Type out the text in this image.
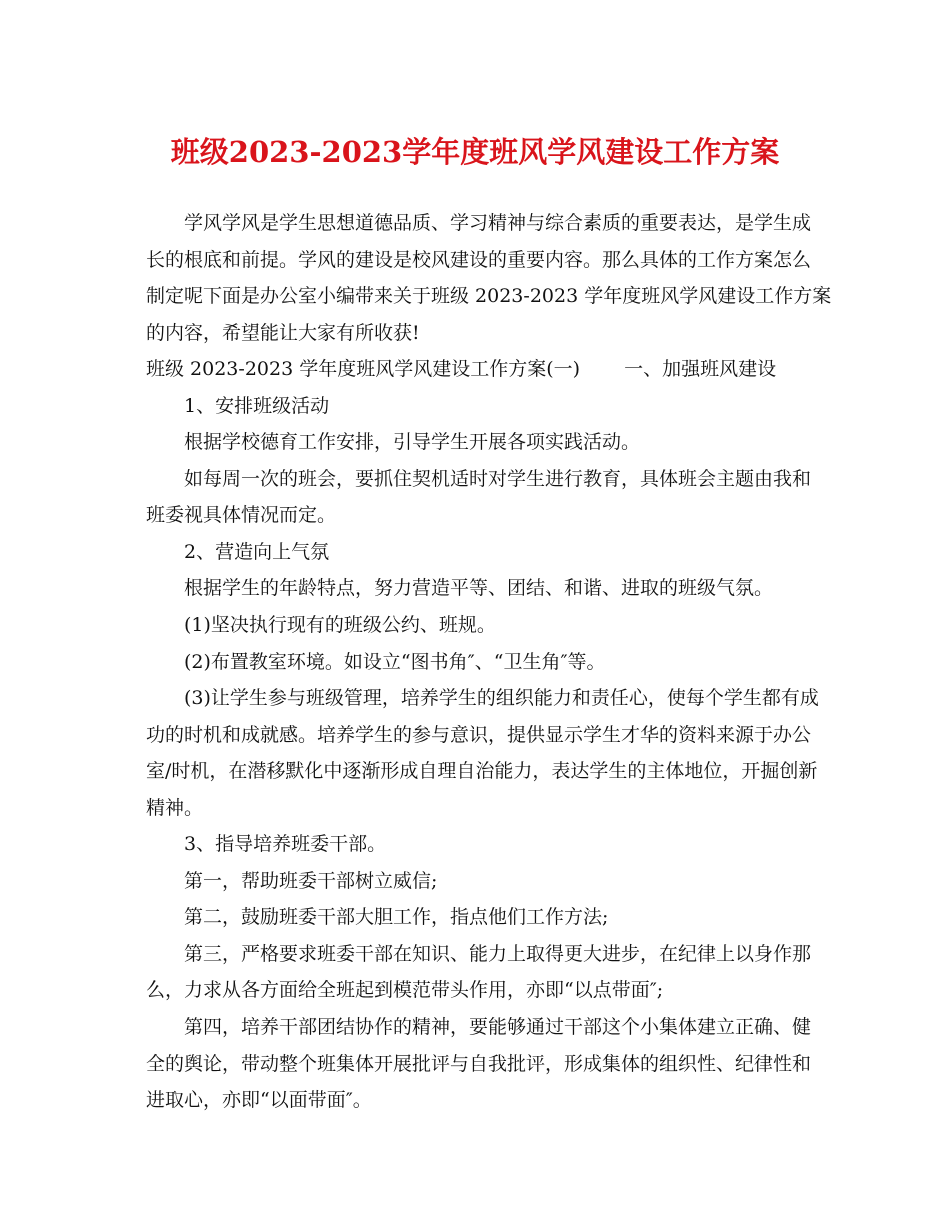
班级2023-2023学年度班风学风建设工作方案
学风学风是学生思想道德品质、学习精神与综合素质的重要表达，是学生成
长的根底和前提。学风的建设是校风建设的重要内容。那么具体的工作方案怎么
制定呢下面是办公室小编带来关于班级 2023-2023 学年度班风学风建设工作方案
的内容，希望能让大家有所收获!
班级 2023-2023 学年度班风学风建设工作方案(一)　　 一、加强班风建设
1、安排班级活动
根据学校德育工作安排，引导学生开展各项实践活动。
如每周一次的班会，要抓住契机适时对学生进行教育，具体班会主题由我和
班委视具体情况而定。
2、营造向上气氛
根据学生的年龄特点，努力营造平等、团结、和谐、进取的班级气氛。
(1)坚决执行现有的班级公约、班规。
(2)布置教室环境。如设立“图书角″、“卫生角″等。
(3)让学生参与班级管理，培养学生的组织能力和责任心，使每个学生都有成
功的时机和成就感。培养学生的参与意识，提供显示学生才华的资料来源于办公
室/时机，在潜移默化中逐渐形成自理自治能力，表达学生的主体地位，开掘创新
精神。
3、指导培养班委干部。
第一，帮助班委干部树立威信;
第二，鼓励班委干部大胆工作，指点他们工作方法;
第三，严格要求班委干部在知识、能力上取得更大进步，在纪律上以身作那
么，力求从各方面给全班起到模范带头作用，亦即“以点带面″;
第四，培养干部团结协作的精神，要能够通过干部这个小集体建立正确、健
全的舆论，带动整个班集体开展批评与自我批评，形成集体的组织性、纪律性和
进取心，亦即“以面带面″。
